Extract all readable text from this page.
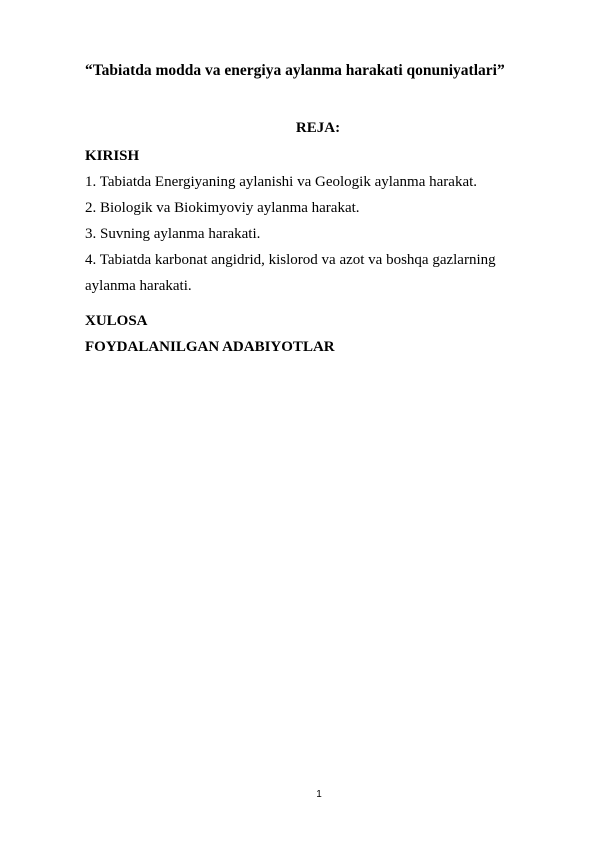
“Tabiatda modda va energiya aylanma harakati qonuniyatlari”
REJA:
KIRISH
1. Tabiatda Energiyaning aylanishi va Geologik aylanma harakat.
2. Biologik va Biokimyoviy aylanma harakat.
3. Suvning aylanma harakati.
4. Tabiatda karbonat angidrid, kislorod va azot va boshqa gazlarning
aylanma harakati.
XULOSA
FOYDALANILGAN ADABIYOTLAR
1
